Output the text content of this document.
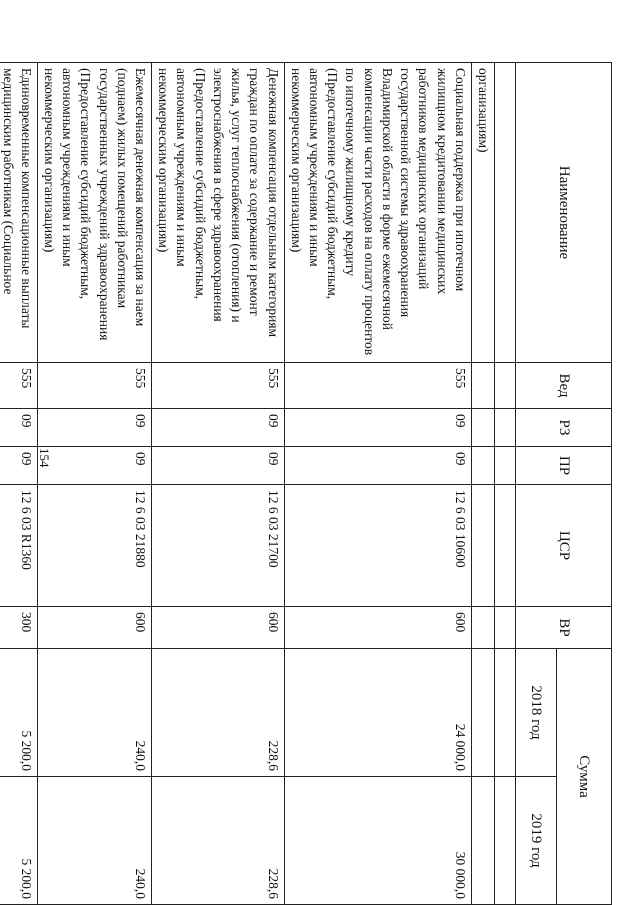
154
Наименование	Вед	РЗ	ПР	ЦСР	ВР	Сумма	
						2018 год	2019 год

организациям)							
Социальная поддержка при ипотечном жилищном кредитовании медицинских работников медицинских организаций государственной системы здравоохранения Владимирской области в форме ежемесячной компенсации части расходов на оплату процентов по ипотечному жилищному кредиту (Предоставление субсидий бюджетным, автономным учреждениям и иным некоммерческим организациям)	555	09	09	12 6 03 10600	600	24 000,0	30 000,0
Денежная компенсация отдельным категориям граждан по оплате за содержание и ремонт жилья, услуг теплоснабжения (отопления) и электроснабжения в сфере здравоохранения (Предоставление субсидий бюджетным, автономным учреждениям и иным некоммерческим организациям)	555	09	09	12 6 03 21700	600	228,6	228,6
Ежемесячная денежная компенсация за наем (поднаем) жилых помещений работникам государственных учреждений здравоохранения (Предоставление субсидий бюджетным, автономным учреждениям и иным некоммерческим организациям)	555	09	09	12 6 03 21880	600	240,0	240,0
Единовременные компенсационные выплаты медицинским работникам (Социальное	555	09	09	12 6 03 R1360	300	5 200,0	5 200,0
